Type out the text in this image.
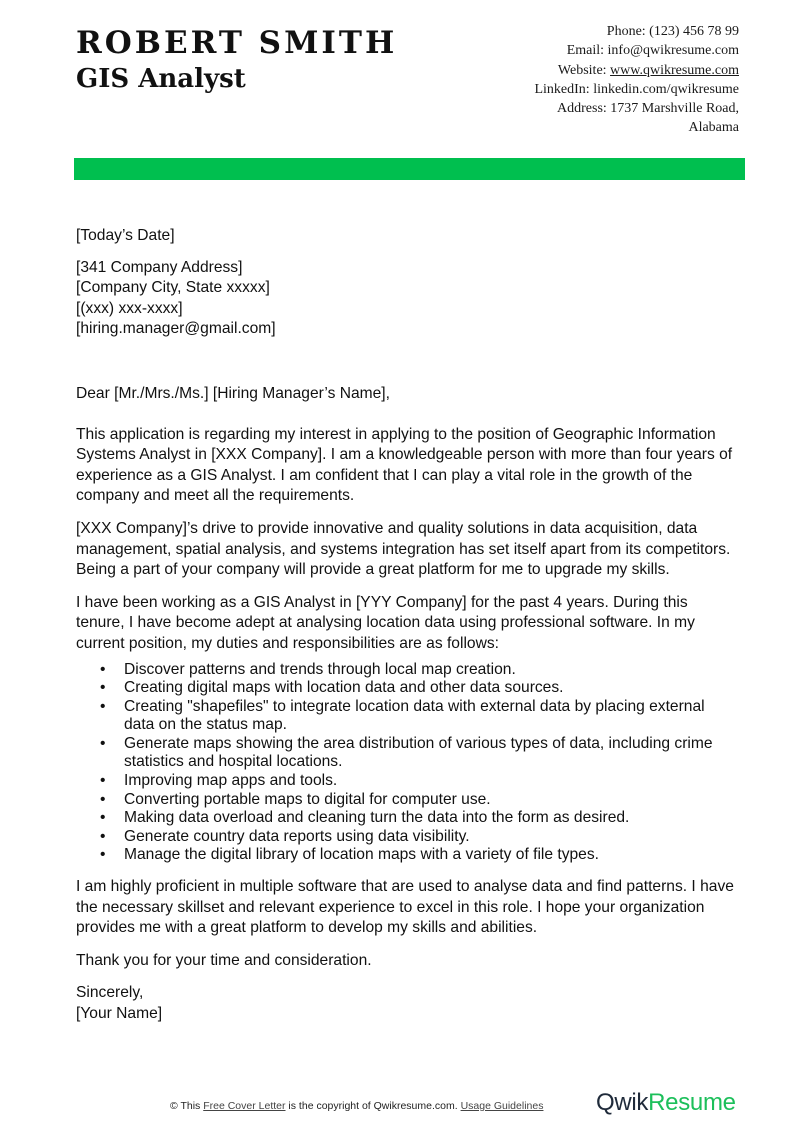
ROBERT SMITH
GIS Analyst
Phone: (123) 456 78 99
Email: info@qwikresume.com
Website: www.qwikresume.com
LinkedIn: linkedin.com/qwikresume
Address: 1737 Marshville Road,
Alabama

[Today’s Date]

[341 Company Address]
[Company City, State xxxxx]
[(xxx) xxx-xxxx]
[hiring.manager@gmail.com]

Dear [Mr./Mrs./Ms.] [Hiring Manager’s Name],

This application is regarding my interest in applying to the position of Geographic Information Systems Analyst in [XXX Company]. I am a knowledgeable person with more than four years of experience as a GIS Analyst. I am confident that I can play a vital role in the growth of the company and meet all the requirements.

[XXX Company]’s drive to provide innovative and quality solutions in data acquisition, data management, spatial analysis, and systems integration has set itself apart from its competitors. Being a part of your company will provide a great platform for me to upgrade my skills.

I have been working as a GIS Analyst in [YYY Company] for the past 4 years. During this tenure, I have become adept at analysing location data using professional software. In my current position, my duties and responsibilities are as follows:

• Discover patterns and trends through local map creation.
• Creating digital maps with location data and other data sources.
• Creating "shapefiles" to integrate location data with external data by placing external data on the status map.
• Generate maps showing the area distribution of various types of data, including crime statistics and hospital locations.
• Improving map apps and tools.
• Converting portable maps to digital for computer use.
• Making data overload and cleaning turn the data into the form as desired.
• Generate country data reports using data visibility.
• Manage the digital library of location maps with a variety of file types.

I am highly proficient in multiple software that are used to analyse data and find patterns. I have the necessary skillset and relevant experience to excel in this role. I hope your organization provides me with a great platform to develop my skills and abilities.

Thank you for your time and consideration.

Sincerely,
[Your Name]
© This Free Cover Letter is the copyright of Qwikresume.com. Usage Guidelines QwikResume
